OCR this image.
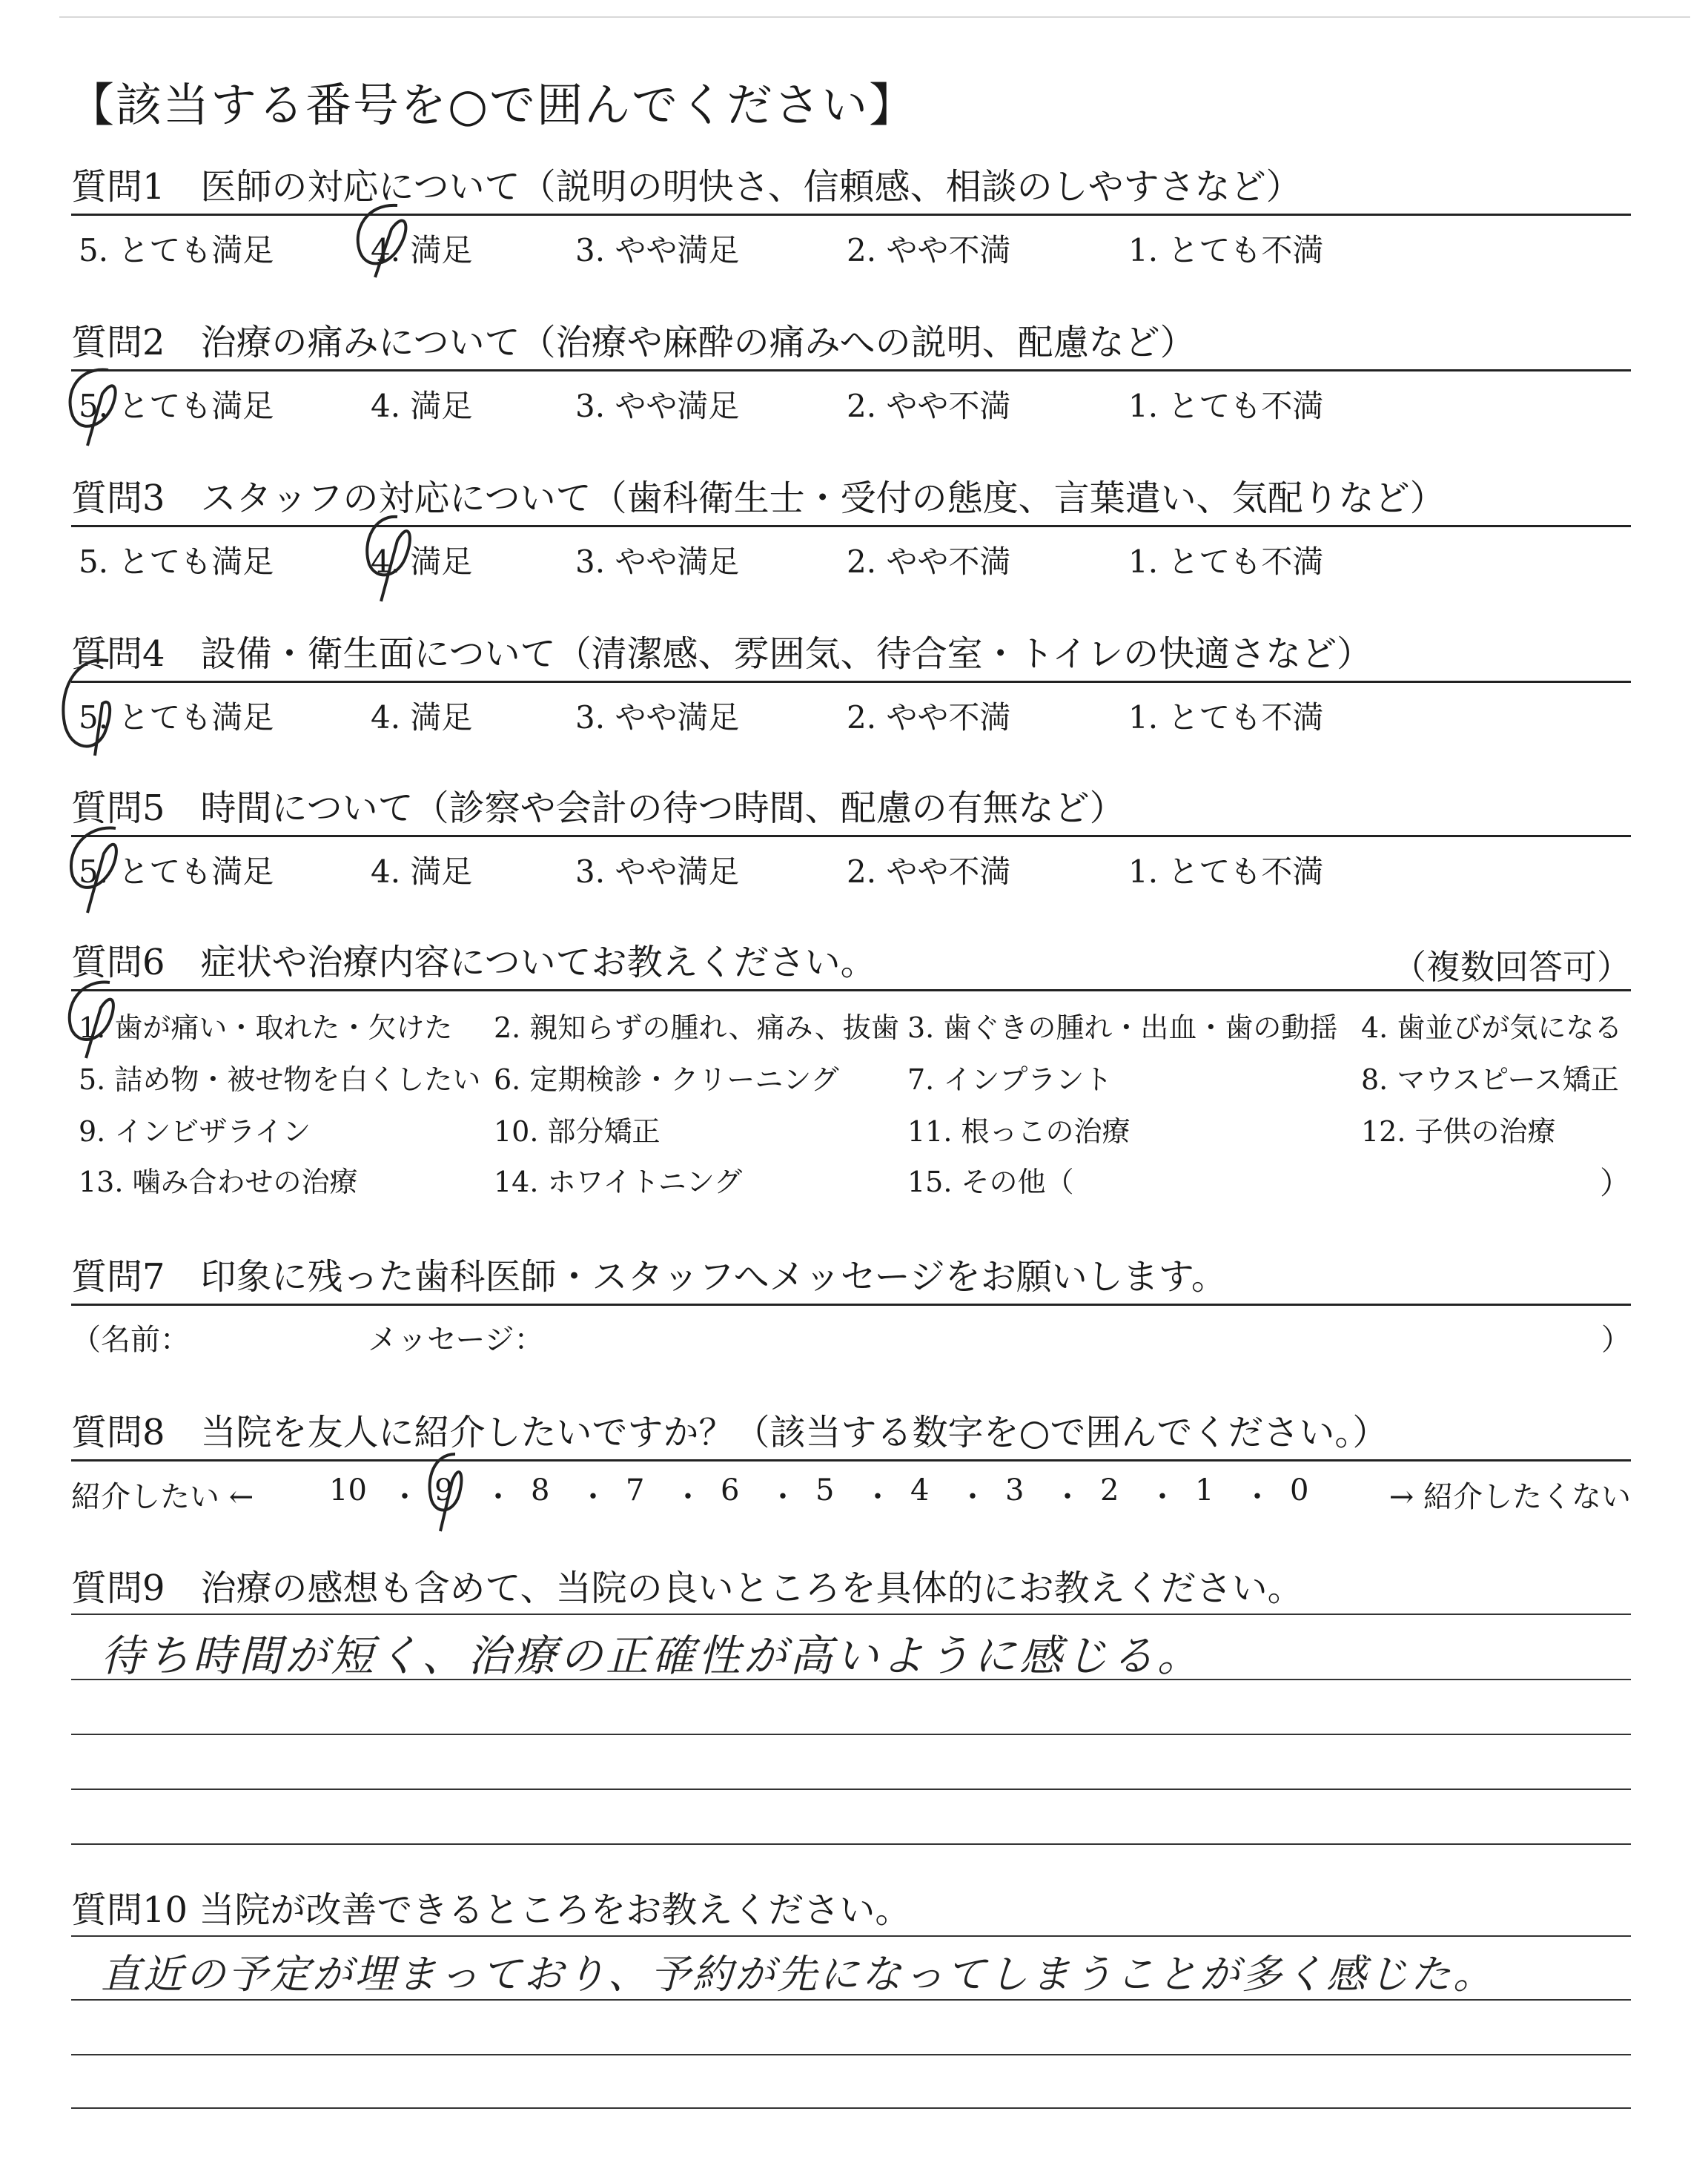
【該当する番号を○で囲んでください】
質問1　医師の対応について（説明の明快さ、信頼感、相談のしやすさなど）
5. とても満足	4. 満足	3. やや満足	2. やや不満	1. とても不満
質問2　治療の痛みについて（治療や麻酔の痛みへの説明、配慮など）
5. とても満足	4. 満足	3. やや満足	2. やや不満	1. とても不満
質問3　スタッフの対応について（歯科衛生士・受付の態度、言葉遣い、気配りなど）
5. とても満足	4. 満足	3. やや満足	2. やや不満	1. とても不満
質問4　設備・衛生面について（清潔感、雰囲気、待合室・トイレの快適さなど）
5. とても満足	4. 満足	3. やや満足	2. やや不満	1. とても不満
質問5　時間について（診察や会計の待つ時間、配慮の有無など）
5. とても満足	4. 満足	3. やや満足	2. やや不満	1. とても不満
質問6　症状や治療内容についてお教えください。	（複数回答可）
1. 歯が痛い・取れた・欠けた 2. 親知らずの腫れ、痛み、抜歯 3. 歯ぐきの腫れ・出血・歯の動揺 4. 歯並びが気になる
5. 詰め物・被せ物を白くしたい 6. 定期検診・クリーニング 7. インプラント	8. マウスピース矯正
9. インビザライン	10. 部分矯正	11. 根っこの治療	12. 子供の治療
13. 噛み合わせの治療	14. ホワイトニング	15. その他（	）
質問7　印象に残った歯科医師・スタッフへメッセージをお願いします。
（名前：	メッセージ：	）
質問8　当院を友人に紹介したいですか？（該当する数字を○で囲んでください。）
紹介したい ←	10 ・ 9 ・ 8 ・ 7 ・ 6 ・ 5 ・ 4 ・ 3 ・ 2 ・ 1 ・ 0	→ 紹介したくない
質問9　治療の感想も含めて、当院の良いところを具体的にお教えください。
待ち時間が短く、治療の正確性が高いように感じる。
質問10 当院が改善できるところをお教えください。
直近の予定が埋まっており、予約が先になってしまうことが多く感じた。
